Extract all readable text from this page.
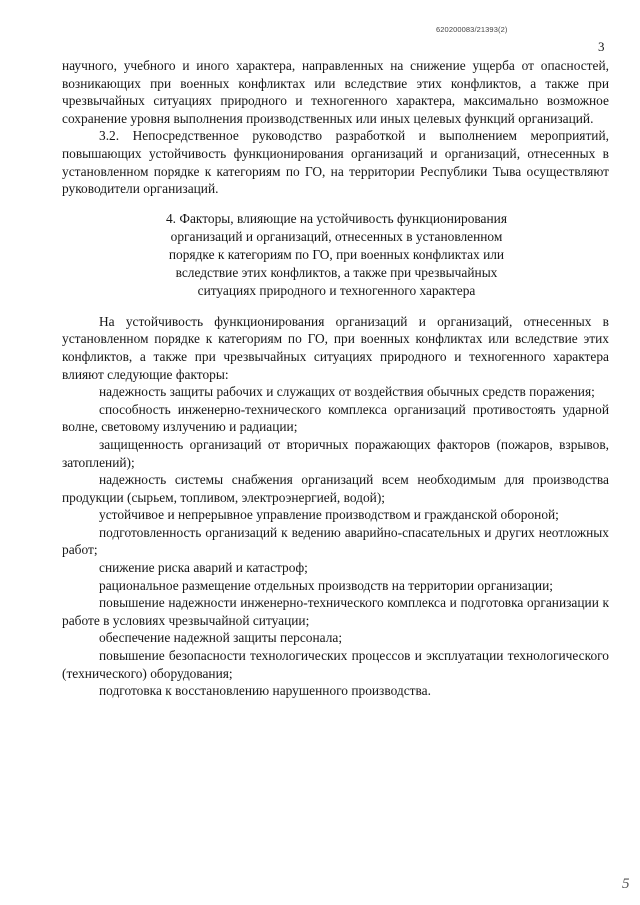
620200083/21393(2)
3

научного, учебного и иного характера, направленных на снижение ущерба от опасностей, возникающих при военных конфликтах или вследствие этих конфликтов, а также при чрезвычайных ситуациях природного и техногенного характера, максимально возможное сохранение уровня выполнения производственных или иных целевых функций организаций.

3.2. Непосредственное руководство разработкой и выполнением мероприятий, повышающих устойчивость функционирования организаций и организаций, отнесенных в установленном порядке к категориям по ГО, на территории Республики Тыва осуществляют руководители организаций.

4. Факторы, влияющие на устойчивость функционирования
организаций и организаций, отнесенных в установленном
порядке к категориям по ГО, при военных конфликтах или
вследствие этих конфликтов, а также при чрезвычайных
ситуациях природного и техногенного характера

На устойчивость функционирования организаций и организаций, отнесенных в установленном порядке к категориям по ГО, при военных конфликтах или вследствие этих конфликтов, а также при чрезвычайных ситуациях природного и техногенного характера влияют следующие факторы:

надежность защиты рабочих и служащих от воздействия обычных средств поражения;

способность инженерно-технического комплекса организаций противостоять ударной волне, световому излучению и радиации;

защищенность организаций от вторичных поражающих факторов (пожаров, взрывов, затоплений);

надежность системы снабжения организаций всем необходимым для производства продукции (сырьем, топливом, электроэнергией, водой);

устойчивое и непрерывное управление производством и гражданской обороной;

подготовленность организаций к ведению аварийно-спасательных и других неотложных работ;

снижение риска аварий и катастроф;

рациональное размещение отдельных производств на территории организации;

повышение надежности инженерно-технического комплекса и подготовка организации к работе в условиях чрезвычайной ситуации;

обеспечение надежной защиты персонала;

повышение безопасности технологических процессов и эксплуатации технологического (технического) оборудования;

подготовка к восстановлению нарушенного производства.

5
